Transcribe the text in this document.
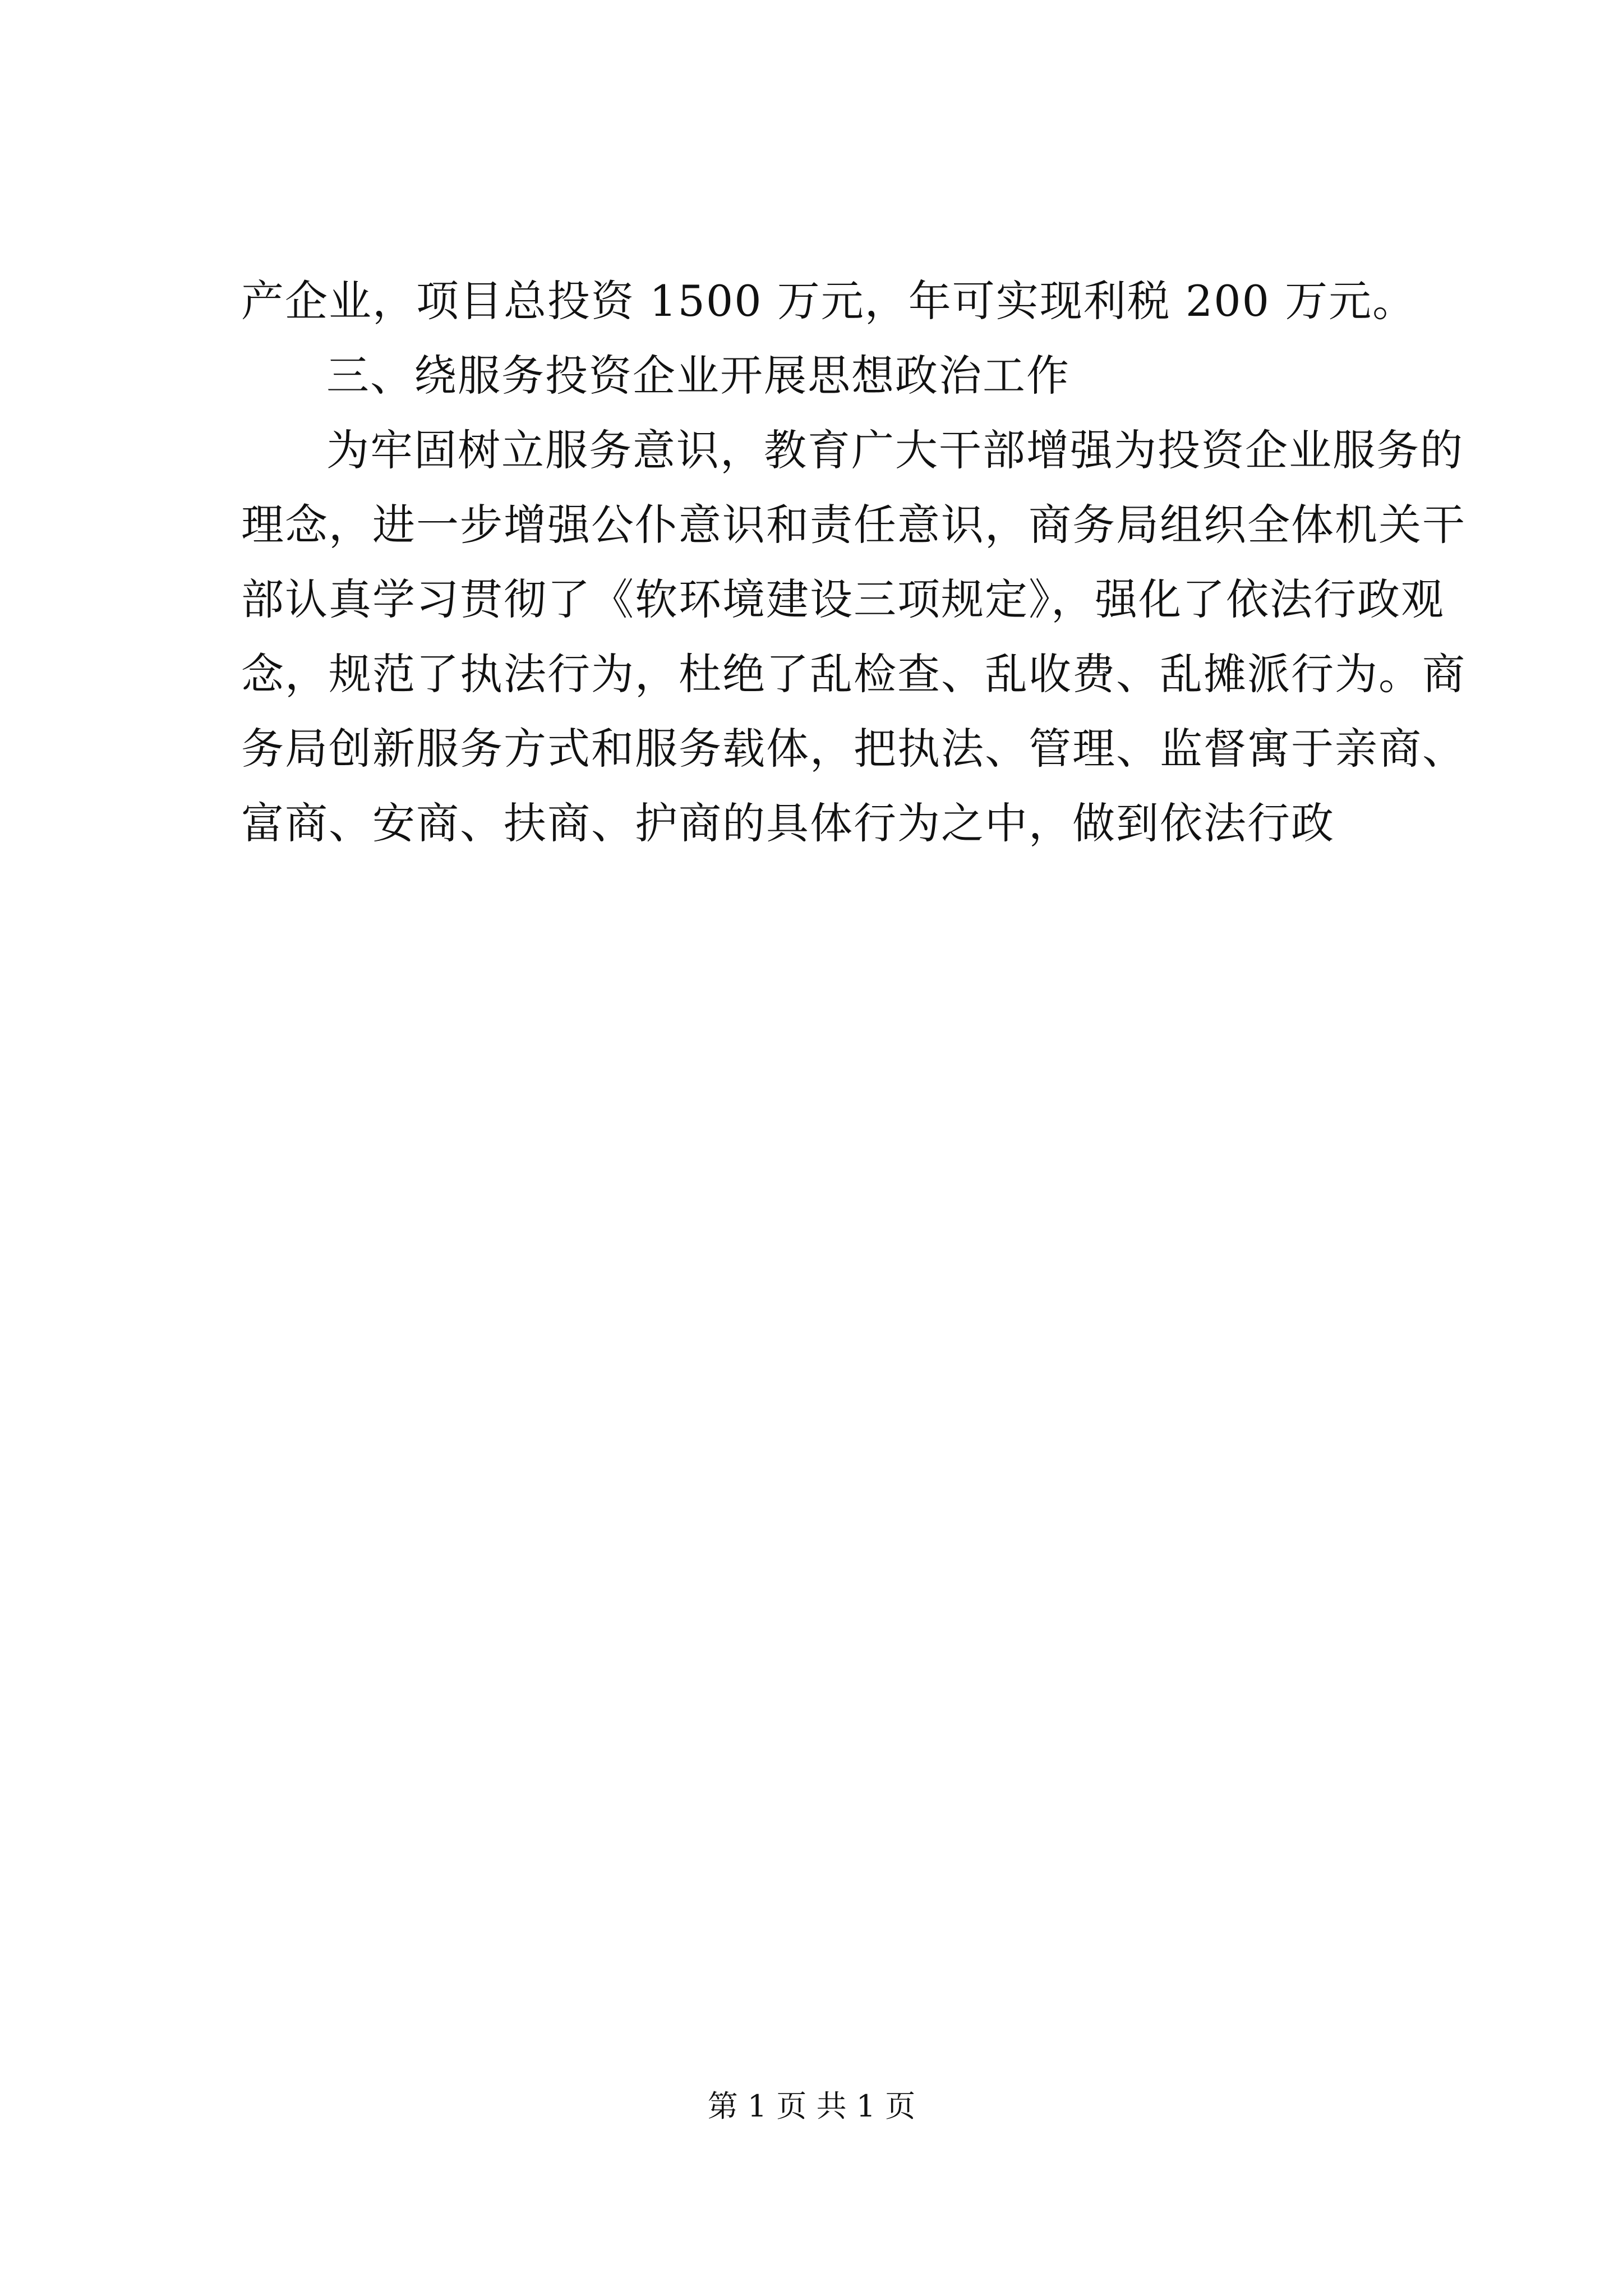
产企业，项目总投资 1500 万元，年可实现利税 200 万元。
三、绕服务投资企业开展思想政治工作
为牢固树立服务意识，教育广大干部增强为投资企业服务的
理念，进一步增强公仆意识和责任意识，商务局组织全体机关干
部认真学习贯彻了《软环境建设三项规定》，强化了依法行政观
念，规范了执法行为，杜绝了乱检查、乱收费、乱摊派行为。商
务局创新服务方式和服务载体，把执法、管理、监督寓于亲商、
富商、安商、扶商、护商的具体行为之中，做到依法行政
第 1 页 共 1 页
